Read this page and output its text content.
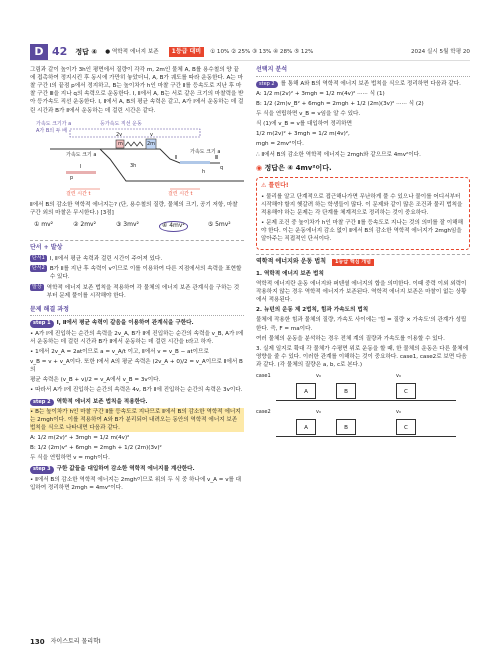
D 42 정답 ④ ● 역학적 에너지 보존	1등급 대비	① 10% ② 25% ③ 13% ④ 28% ⑤ 12%	2024 실시 5월 학평 20

그림과 같이 높이가 3h인 평면에서 질량이 각각 m, 2m인 물체 A, B를 용수철의 양 끝에 접촉하여 정지시킨 후 동시에 가만히 놓았더니, A, B가 궤도를 따라 운동한다. A는 마찰 구간 Ⅰ의 끝점 p에서 정지하고, B는 높이차가 h인 마찰 구간 Ⅱ를 등속도로 지난 후 마찰 구간 Ⅲ을 지나 q의 속력으로 운동한다. Ⅰ, Ⅱ에서 A, B는 서로 같은 크기의 마찰력을 받아 등가속도 직선 운동한다. Ⅰ, Ⅱ에서 A, B의 평균 속력은 같고, A가 Ⅰ에서 운동하는 데 걸린 시간과 B가 Ⅱ에서 운동하는 데 걸린 시간은 같다.

가속도 크기가 a
A가 B의 두 배
등가속도 직선 운동
가속도 크기 a	가속도 크기 a
2v	v
m	2m
3h
p
q
Ⅰ
Ⅱ	Ⅲ
걸린 시간 t	걸린 시간 t
h

Ⅱ에서 B의 감소한 역학적 에너지는? (단, 용수철의 질량, 물체의 크기, 공기 저항, 마찰 구간 외의 마찰은 무시한다.) [3점]

① mv²	② 2mv²	③ 3mv²	④ 4mv²	⑤ 5mv²
단서 + 발상
단서1 Ⅰ, Ⅱ에서 평균 속력과 걸린 시간이 주어져 있다.
단서2 B가 Ⅱ를 지난 후 속력이 v이므로 이를 이용하여 다른 지점에서의 속력을 표현할 수 있다.
발상 역학적 에너지 보존 법칙을 적용하여 각 물체의 에너지 보존 관계식을 구하는 것부터 문제 풀이를 시작해야 한다.
문제 해결 과정
step 1 Ⅰ, Ⅱ에서 평균 속력이 같음을 이용하여 관계식을 구한다.

• A가 Ⅰ에 진입하는 순간의 속력을 2v_A, B가 Ⅱ에 진입하는 순간의 속력을 v_B, A가 Ⅰ에서 운동하는 데 걸린 시간과 B가 Ⅱ에서 운동하는 데 걸린 시간을 t라고 하자.

• 1에서 2v_A = 2at이므로 a = v_A/t 이고, Ⅱ에서 v = v_B − at이므로

v_B = v + v_A이다. 또한 Ⅰ에서 A의 평균 속력은 (2v_A + 0)/2 = v_A이므로 Ⅱ에서 B의

평균 속력은 (v_B + v)/2 = v_A에서 v_B = 3v이다.

• 따라서 A가 Ⅰ에 진입하는 순간의 속력은 4v, B가 Ⅱ에 진입하는 순간의 속력은 3v이다.

step 2 역학적 에너지 보존 법칙을 적용한다.

• B는 높이차가 h인 마찰 구간 Ⅱ를 등속도로 지나므로 Ⅱ에서 B의 감소한 역학적 에너지는 2mgh이다. 이를 적용하여 A와 B가 분리되어 내려오는 동안의 역학적 에너지 보존 법칙을 식으로 나타내면 다음과 같다.

A: 1/2 m(2v)² + 3mgh = 1/2 m(4v)²

B: 1/2 (2m)v² + 6mgh = 2mgh + 1/2 (2m)(3v)²

두 식을 연립하면 v = mgh이다.

step 3 구한 값들을 대입하여 감소한 역학적 에너지를 계산한다.

• Ⅱ에서 B의 감소한 역학적 에너지는 2mgh이므로 위의 두 식 중 하나에 v_A = v를 대입하여 정리하면 2mgh = 4mv²이다.

선택지 분석

step 2 를 통해 A와 B의 역학적 에너지 보존 법칙을 식으로 정리하면 다음과 같다.

A: 1/2 m(2v)² + 3mgh = 1/2 m(4v)² ······ 식 (1)

B: 1/2 (2m)v_B² + 6mgh = 2mgh + 1/2 (2m)(3v)² ······ 식 (2)

두 식을 연립하면 v_B = v임을 알 수 있다.

식 (1)에 v_B = v를 대입하여 정리하면

1/2 m(2v)² + 3mgh = 1/2 m(4v)²,

mgh = 2mv²이다.

∴ Ⅱ에서 B의 감소한 역학적 에너지는 2mgh와 같으므로 4mv²이다.

◉ 정답은 ④ 4mv²이다.
⚠ 틀린다!

• 물리를 알고 단계적으로 접근해나가면 무난하게 풀 수 있으나 물이를 어디서부터 시작해야 할지 헷갈려 하는 학생들이 많다. 이 문제와 같이 많은 조건과 물리 법칙을 적용해야 하는 문제는 각 단계를 체계적으로 정리하는 것이 중요하다.

• 문제 조건 중 높이차가 h인 마찰 구간 Ⅱ를 등속도로 지나는 것의 의미를 잘 이해해야 한다. 이는 운동에너지 감소 없이 Ⅱ에서 B의 감소한 역학적 에너지가 2mgh임을 알아주는 직접적인 단서이다.

역학적 에너지와 운동 법칙	1등급 핵심 개념

1. 역학적 에너지 보존 법칙

역학적 에너지란 운동 에너지와 퍼텐셜 에너지의 합을 의미한다. 이때 중력 이외 외력이 작용하지 않는 경우 역학적 에너지가 보존된다. 역학적 에너지 보존은 마찰이 없는 상황에서 적용된다.

2. 뉴턴의 운동 제 2법칙, 힘과 가속도의 법칙

물체에 작용한 힘과 물체의 질량, 가속도 사이에는 '힘 = 질량 × 가속도'의 관계가 성립한다. 즉, F = ma이다.

여러 물체의 운동을 분석하는 경우 전체 계의 질량과 가속도를 이용할 수 있다.

3. 실제 일지로 확대 각 물체가 수평면 위로 운동을 할 때, 한 물체의 운동은 다른 물체에 영향을 줄 수 있다. 이러한 관계를 이해하는 것이 중요하다. case1, case2로 보면 다음과 같다. (각 물체의 질량은 a, b, c로 본다.)

case1	v₀	v₀
A	B	C
case2	v₀	v₀
A	B	C
130 자이스토리 물리학Ⅰ
